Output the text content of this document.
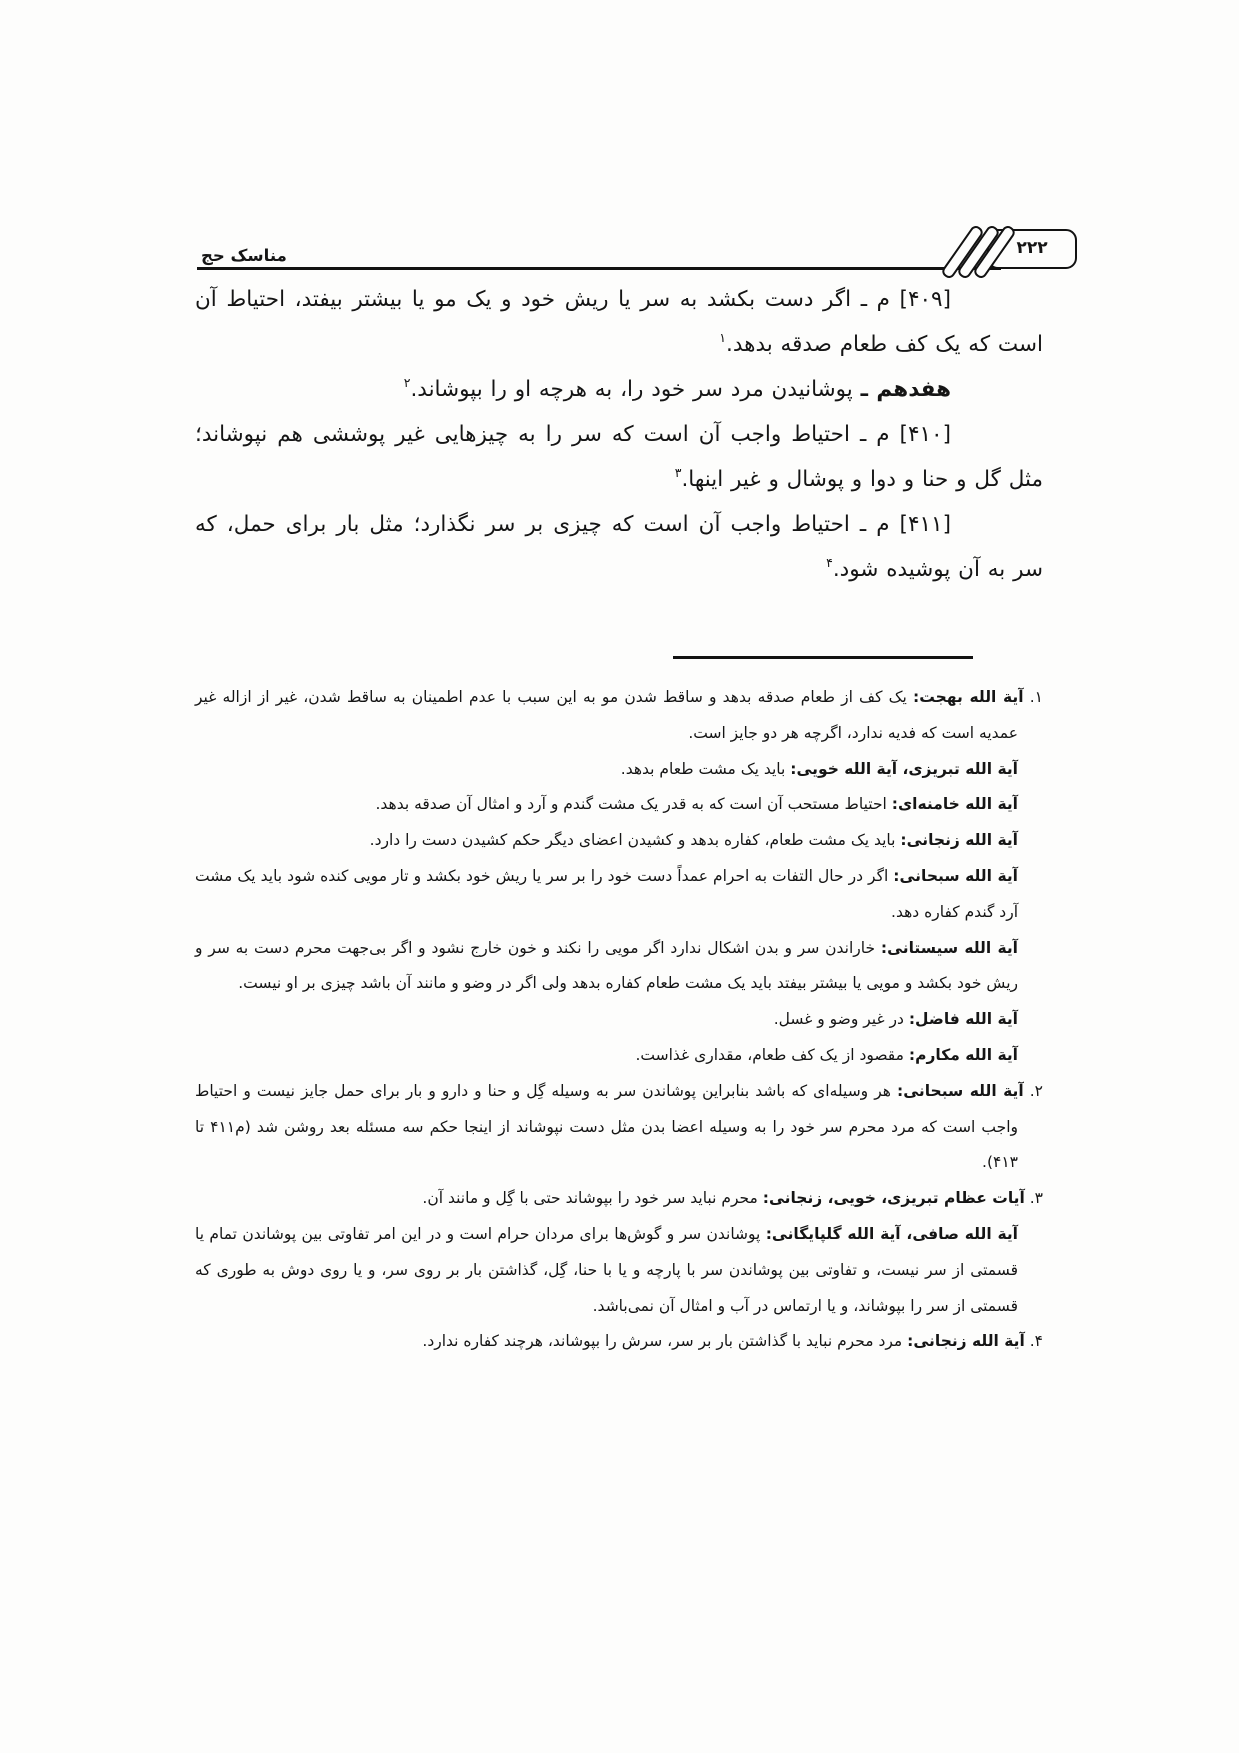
مناسک حج	۲۲۲

[۴۰۹] م ـ اگر دست بکشد به سر یا ریش خود و یک مو یا بیشتر بیفتد، احتیاط آن است که یک کف طعام صدقه بدهد.$^۱$

هفدهم ـ پوشانیدن مرد سر خود را، به هرچه او را بپوشاند.$^۲$

[۴۱۰] م ـ احتیاط واجب آن است که سر را به چیزهایی غیر پوششی هم نپوشاند؛ مثل گل و حنا و دوا و پوشال و غیر اینها.$^۳$

[۴۱۱] م ـ احتیاط واجب آن است که چیزی بر سر نگذارد؛ مثل بار برای حمل، که سر به آن پوشیده شود.$^۴$

۱. آیة الله بهجت: یک کف از طعام صدقه بدهد و ساقط شدن مو به این سبب با عدم اطمینان به ساقط شدن، غیر از ازاله غیر عمدیه است که فدیه ندارد، اگرچه هر دو جایز است.

آیة الله تبریزی، آیة الله خویی: باید یک مشت طعام بدهد.

آیة الله خامنه‌ای: احتیاط مستحب آن است که به قدر یک مشت گندم و آرد و امثال آن صدقه بدهد.

آیة الله زنجانی: باید یک مشت طعام، کفاره بدهد و کشیدن اعضای دیگر حکم کشیدن دست را دارد.

آیة الله سبحانی: اگر در حال التفات به احرام عمداً دست خود را بر سر یا ریش خود بکشد و تار مویی کنده شود باید یک مشت آرد گندم کفاره دهد.

آیة الله سیستانی: خاراندن سر و بدن اشکال ندارد اگر مویی را نکند و خون خارج نشود و اگر بی‌جهت محرم دست به سر و ریش خود بکشد و مویی یا بیشتر بیفتد باید یک مشت طعام کفاره بدهد ولی اگر در وضو و مانند آن باشد چیزی بر او نیست.

آیة الله فاضل: در غیر وضو و غسل.

آیة الله مکارم: مقصود از یک کف طعام، مقداری غذاست.

۲. آیة الله سبحانی: هر وسیله‌ای که باشد بنابراین پوشاندن سر به وسیله گِل و حنا و دارو و بار برای حمل جایز نیست و احتیاط واجب است که مرد محرم سر خود را به وسیله اعضا بدن مثل دست نپوشاند از اینجا حکم سه مسئله بعد روشن شد (م۴۱۱ تا ۴۱۳).

۳. آیات عظام تبریزی، خویی، زنجانی: محرم نباید سر خود را بپوشاند حتی با گِل و مانند آن.

آیة الله صافی، آیة الله گلپایگانی: پوشاندن سر و گوش‌ها برای مردان حرام است و در این امر تفاوتی بین پوشاندن تمام یا قسمتی از سر نیست، و تفاوتی بین پوشاندن سر با پارچه و یا با حنا، گِل، گذاشتن بار بر روی سر، و یا روی دوش به طوری که قسمتی از سر را بپوشاند، و یا ارتماس در آب و امثال آن نمی‌باشد.

۴. آیة الله زنجانی: مرد محرم نباید با گذاشتن بار بر سر، سرش را بپوشاند، هرچند کفاره ندارد.
